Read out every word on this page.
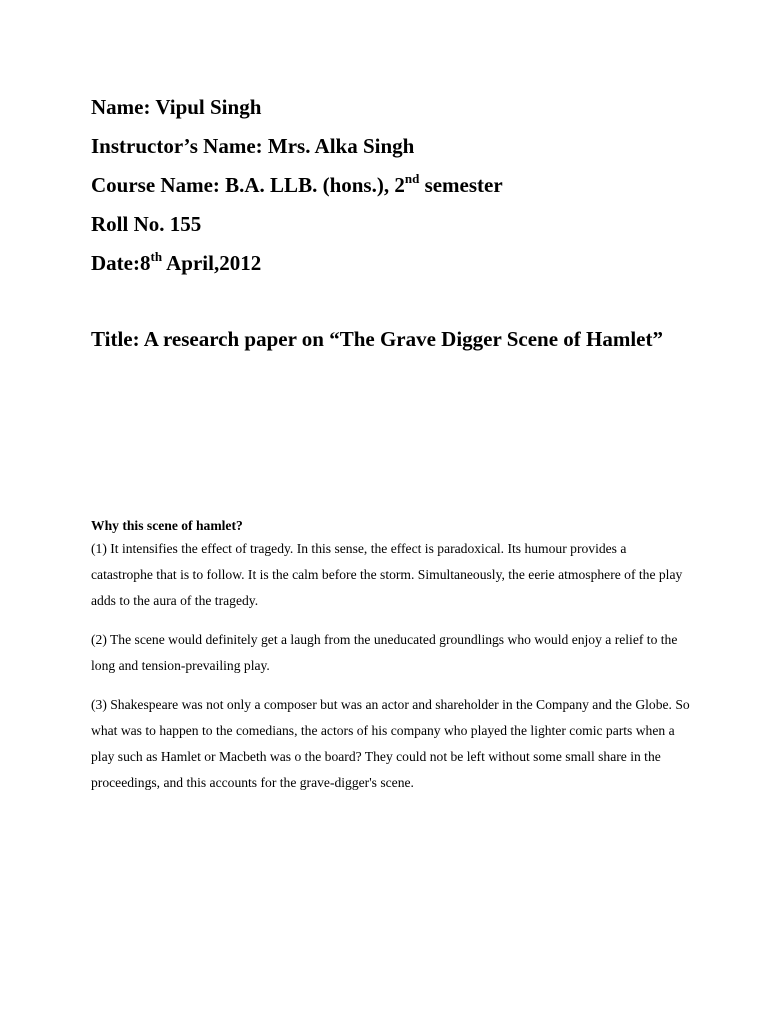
Name: Vipul Singh
Instructor’s Name: Mrs. Alka Singh
Course Name: B.A. LLB. (hons.), 2nd semester
Roll No. 155
Date:8th April,2012
Title: A research paper on “The Grave Digger Scene of Hamlet”

Why this scene of hamlet?

(1) It intensifies the effect of tragedy. In this sense, the effect is paradoxical. Its humour provides a catastrophe that is to follow. It is the calm before the storm. Simultaneously, the eerie atmosphere of the play adds to the aura of the tragedy.

(2) The scene would definitely get a laugh from the uneducated groundlings who would enjoy a relief to the long and tension-prevailing play.

(3) Shakespeare was not only a composer but was an actor and shareholder in the Company and the Globe. So what was to happen to the comedians, the actors of his company who played the lighter comic parts when a play such as Hamlet or Macbeth was o the board? They could not be left without some small share in the proceedings, and this accounts for the grave-digger's scene.
